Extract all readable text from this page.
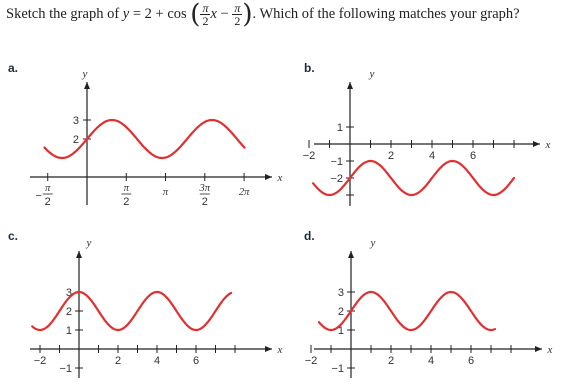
Sketch the graph of y = 2 + cos ( $\frac{\pi}{2}$ $x - \frac{\pi}{2}$ ). Which of the following matches your graph?
a.
x
y
−
π
2
π
2
π	3π
2
2π
3
2
b.
x
y
−2	2	4	6
1
−1
−2
c.
x
y
−2	2	4	6
3
2
1
−1
d.
x
y
−2	2	4	6
3
2
1
−1
